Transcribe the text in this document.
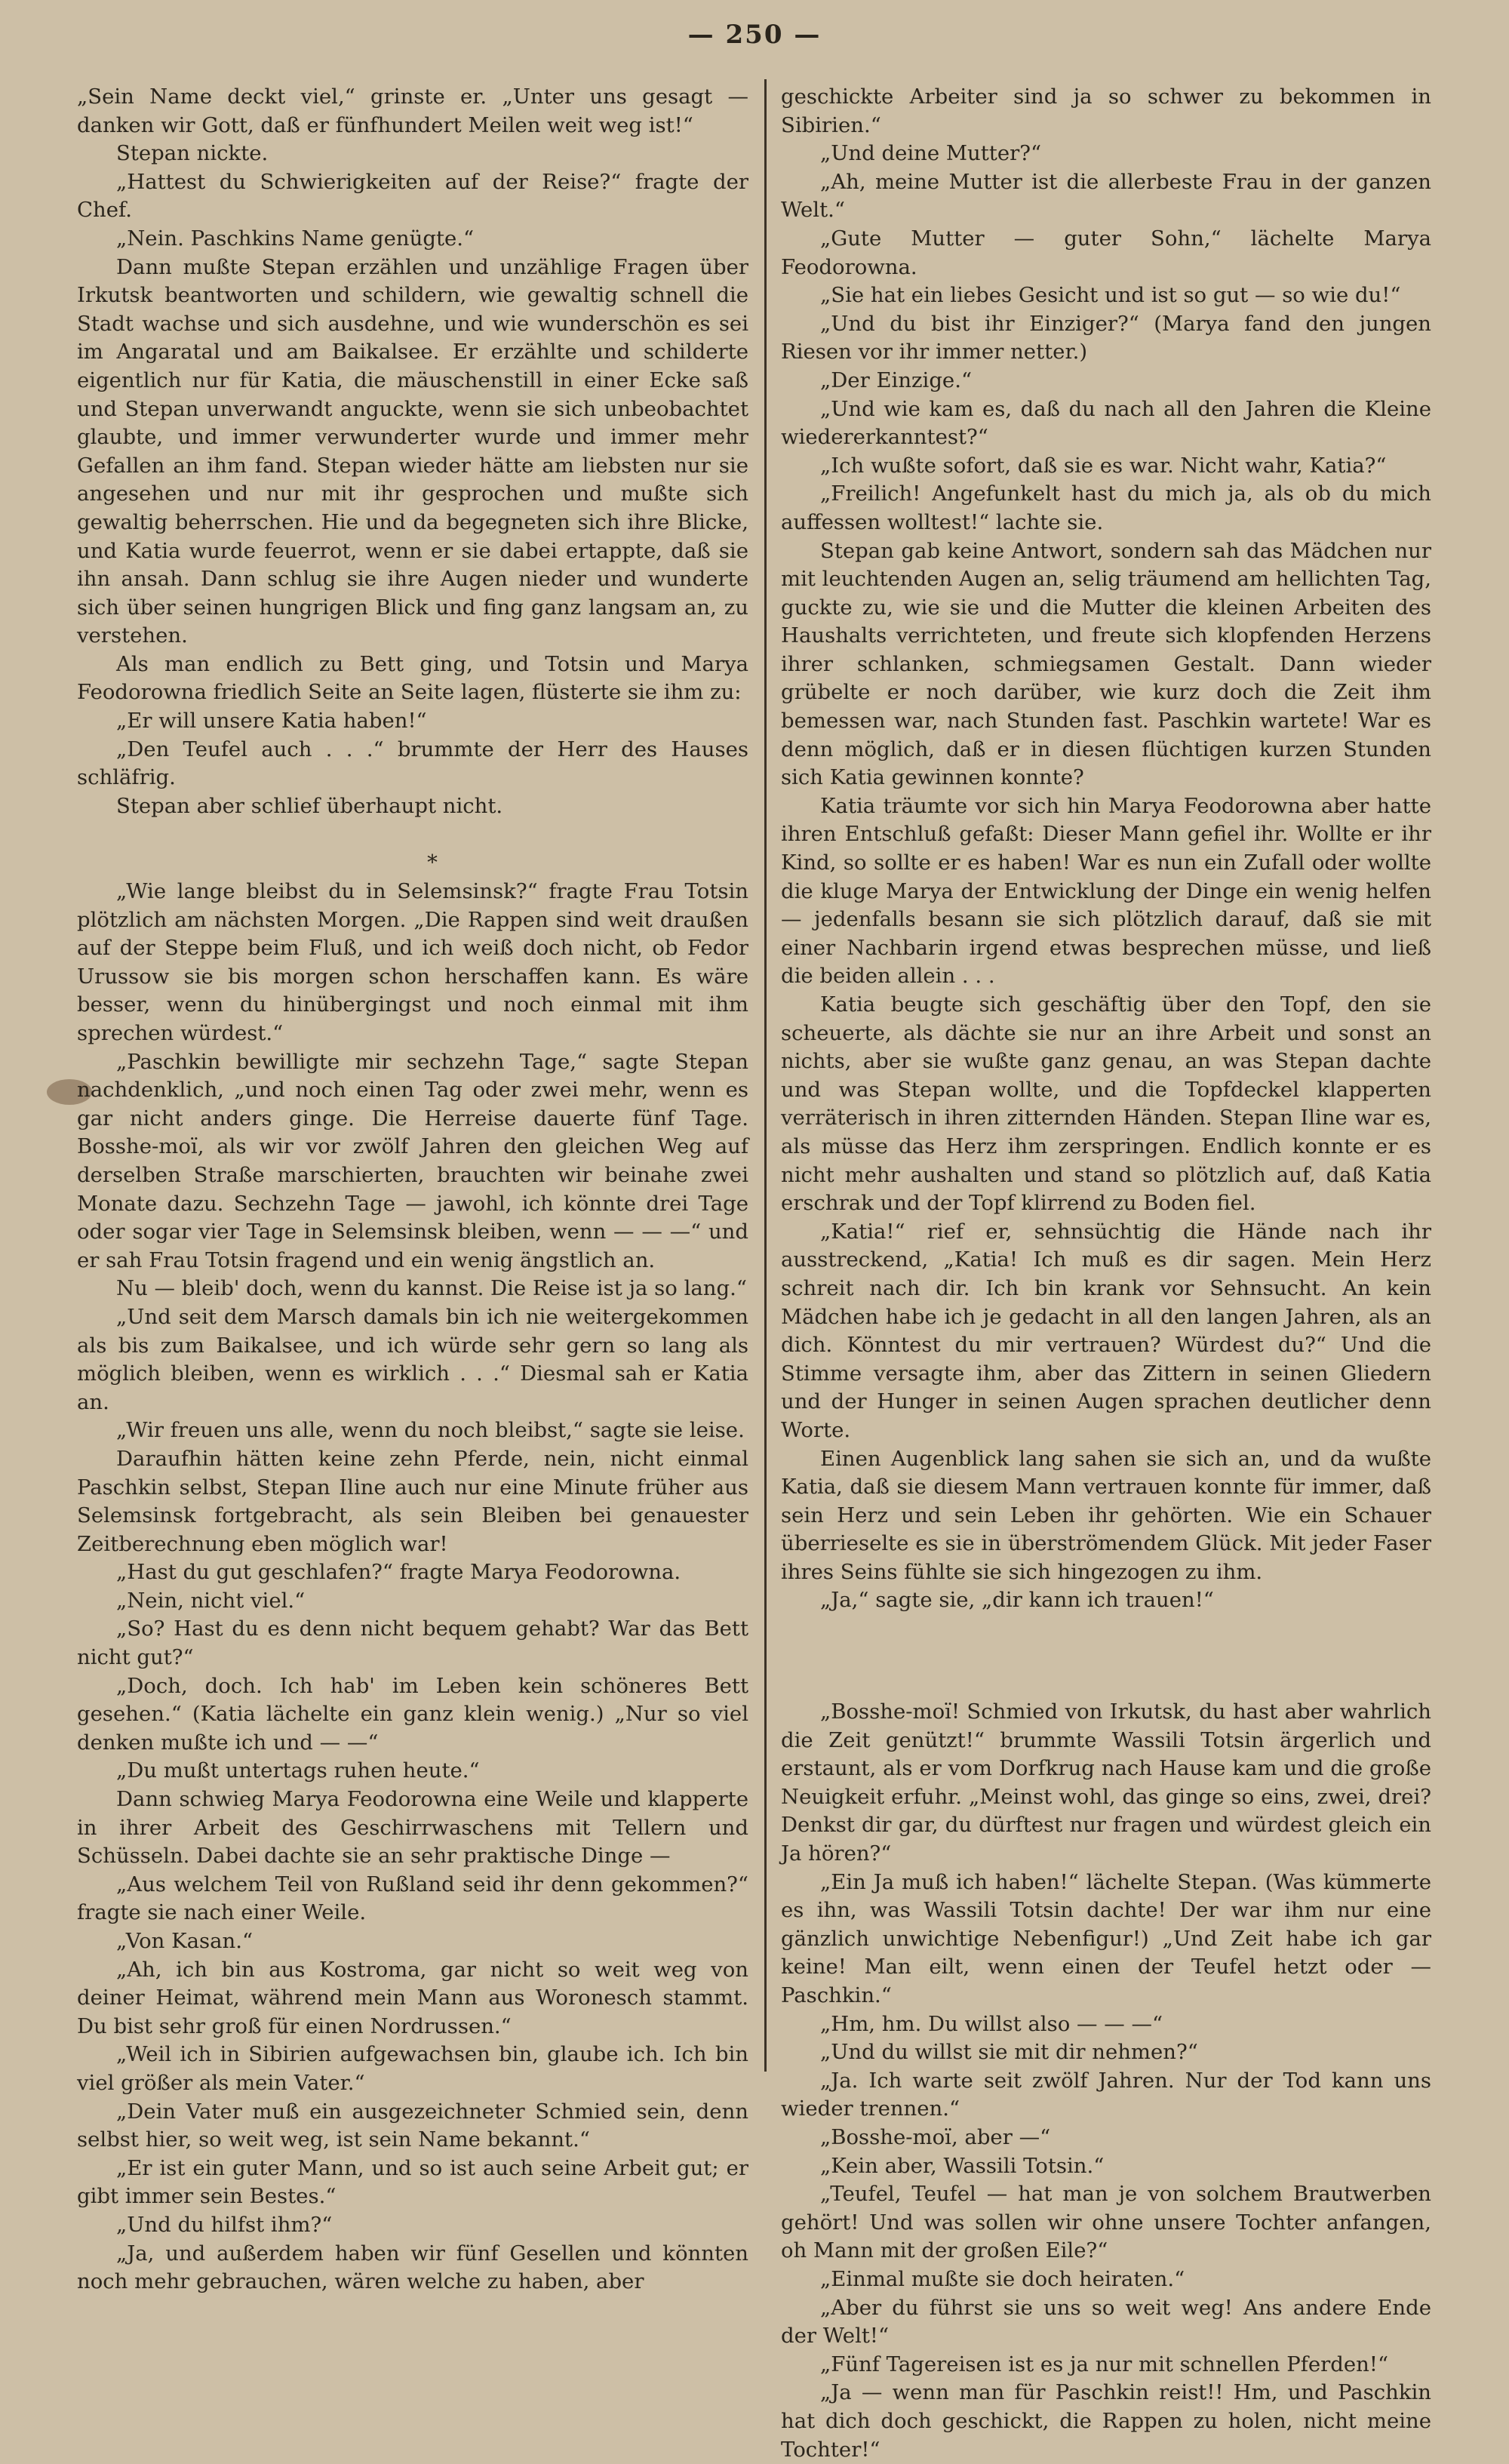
— 250 —

„Sein Name deckt viel,“ grinste er. „Unter uns gesagt — danken wir Gott, daß er fünfhundert Meilen weit weg ist!“

Stepan nickte.

„Hattest du Schwierigkeiten auf der Reise?“ fragte der Chef.

„Nein. Paschkins Name genügte.“

Dann mußte Stepan erzählen und unzählige Fragen über Irkutsk beantworten und schildern, wie gewaltig schnell die Stadt wachse und sich ausdehne, und wie wunderschön es sei im Angaratal und am Baikalsee. Er erzählte und schilderte eigentlich nur für Katia, die mäuschenstill in einer Ecke saß und Stepan unverwandt anguckte, wenn sie sich unbeobachtet glaubte, und immer verwunderter wurde und immer mehr Gefallen an ihm fand. Stepan wieder hätte am liebsten nur sie angesehen und nur mit ihr gesprochen und mußte sich gewaltig beherrschen. Hie und da begegneten sich ihre Blicke, und Katia wurde feuerrot, wenn er sie dabei ertappte, daß sie ihn ansah. Dann schlug sie ihre Augen nieder und wunderte sich über seinen hungrigen Blick und fing ganz langsam an, zu verstehen.

Als man endlich zu Bett ging, und Totsin und Marya Feodorowna friedlich Seite an Seite lagen, flüsterte sie ihm zu:

„Er will unsere Katia haben!“

„Den Teufel auch . . .“ brummte der Herr des Hauses schläfrig.

Stepan aber schlief überhaupt nicht.

*

„Wie lange bleibst du in Selemsinsk?“ fragte Frau Totsin plötzlich am nächsten Morgen. „Die Rappen sind weit draußen auf der Steppe beim Fluß, und ich weiß doch nicht, ob Fedor Urussow sie bis morgen schon herschaffen kann. Es wäre besser, wenn du hinübergingst und noch einmal mit ihm sprechen würdest.“

„Paschkin bewilligte mir sechzehn Tage,“ sagte Stepan nachdenklich, „und noch einen Tag oder zwei mehr, wenn es gar nicht anders ginge. Die Herreise dauerte fünf Tage. Bosshe-moï, als wir vor zwölf Jahren den gleichen Weg auf derselben Straße marschierten, brauchten wir beinahe zwei Monate dazu. Sechzehn Tage — jawohl, ich könnte drei Tage oder sogar vier Tage in Selemsinsk bleiben, wenn — — —“ und er sah Frau Totsin fragend und ein wenig ängstlich an.

Nu — bleib' doch, wenn du kannst. Die Reise ist ja so lang.“

„Und seit dem Marsch damals bin ich nie weitergekommen als bis zum Baikalsee, und ich würde sehr gern so lang als möglich bleiben, wenn es wirklich . . .“ Diesmal sah er Katia an.

„Wir freuen uns alle, wenn du noch bleibst,“ sagte sie leise.

Daraufhin hätten keine zehn Pferde, nein, nicht einmal Paschkin selbst, Stepan Iline auch nur eine Minute früher aus Selemsinsk fortgebracht, als sein Bleiben bei genauester Zeitberechnung eben möglich war!

„Hast du gut geschlafen?“ fragte Marya Feodorowna.

„Nein, nicht viel.“

„So? Hast du es denn nicht bequem gehabt? War das Bett nicht gut?“

„Doch, doch. Ich hab' im Leben kein schöneres Bett gesehen.“ (Katia lächelte ein ganz klein wenig.) „Nur so viel denken mußte ich und — —“

„Du mußt untertags ruhen heute.“

Dann schwieg Marya Feodorowna eine Weile und klapperte in ihrer Arbeit des Geschirrwaschens mit Tellern und Schüsseln. Dabei dachte sie an sehr praktische Dinge —

„Aus welchem Teil von Rußland seid ihr denn gekommen?“ fragte sie nach einer Weile.

„Von Kasan.“

„Ah, ich bin aus Kostroma, gar nicht so weit weg von deiner Heimat, während mein Mann aus Woronesch stammt. Du bist sehr groß für einen Nordrussen.“

„Weil ich in Sibirien aufgewachsen bin, glaube ich. Ich bin viel größer als mein Vater.“

„Dein Vater muß ein ausgezeichneter Schmied sein, denn selbst hier, so weit weg, ist sein Name bekannt.“

„Er ist ein guter Mann, und so ist auch seine Arbeit gut; er gibt immer sein Bestes.“

„Und du hilfst ihm?“

„Ja, und außerdem haben wir fünf Gesellen und könnten noch mehr gebrauchen, wären welche zu haben, aber

geschickte Arbeiter sind ja so schwer zu bekommen in Sibirien.“

„Und deine Mutter?“

„Ah, meine Mutter ist die allerbeste Frau in der ganzen Welt.“

„Gute Mutter — guter Sohn,“ lächelte Marya Feodorowna.

„Sie hat ein liebes Gesicht und ist so gut — so wie du!“

„Und du bist ihr Einziger?“ (Marya fand den jungen Riesen vor ihr immer netter.)

„Der Einzige.“

„Und wie kam es, daß du nach all den Jahren die Kleine wiedererkanntest?“

„Ich wußte sofort, daß sie es war. Nicht wahr, Katia?“

„Freilich! Angefunkelt hast du mich ja, als ob du mich auffessen wolltest!“ lachte sie.

Stepan gab keine Antwort, sondern sah das Mädchen nur mit leuchtenden Augen an, selig träumend am hellichten Tag, guckte zu, wie sie und die Mutter die kleinen Arbeiten des Haushalts verrichteten, und freute sich klopfenden Herzens ihrer schlanken, schmiegsamen Gestalt. Dann wieder grübelte er noch darüber, wie kurz doch die Zeit ihm bemessen war, nach Stunden fast. Paschkin wartete! War es denn möglich, daß er in diesen flüchtigen kurzen Stunden sich Katia gewinnen konnte?

Katia träumte vor sich hin Marya Feodorowna aber hatte ihren Entschluß gefaßt: Dieser Mann gefiel ihr. Wollte er ihr Kind, so sollte er es haben! War es nun ein Zufall oder wollte die kluge Marya der Entwicklung der Dinge ein wenig helfen — jedenfalls besann sie sich plötzlich darauf, daß sie mit einer Nachbarin irgend etwas besprechen müsse, und ließ die beiden allein . . .

Katia beugte sich geschäftig über den Topf, den sie scheuerte, als dächte sie nur an ihre Arbeit und sonst an nichts, aber sie wußte ganz genau, an was Stepan dachte und was Stepan wollte, und die Topfdeckel klapperten verräterisch in ihren zitternden Händen. Stepan Iline war es, als müsse das Herz ihm zerspringen. Endlich konnte er es nicht mehr aushalten und stand so plötzlich auf, daß Katia erschrak und der Topf klirrend zu Boden fiel.

„Katia!“ rief er, sehnsüchtig die Hände nach ihr ausstreckend, „Katia! Ich muß es dir sagen. Mein Herz schreit nach dir. Ich bin krank vor Sehnsucht. An kein Mädchen habe ich je gedacht in all den langen Jahren, als an dich. Könntest du mir vertrauen? Würdest du?“ Und die Stimme versagte ihm, aber das Zittern in seinen Gliedern und der Hunger in seinen Augen sprachen deutlicher denn Worte.

Einen Augenblick lang sahen sie sich an, und da wußte Katia, daß sie diesem Mann vertrauen konnte für immer, daß sein Herz und sein Leben ihr gehörten. Wie ein Schauer überrieselte es sie in überströmendem Glück. Mit jeder Faser ihres Seins fühlte sie sich hingezogen zu ihm.

„Ja,“ sagte sie, „dir kann ich trauen!“

„Bosshe-moï! Schmied von Irkutsk, du hast aber wahrlich die Zeit genützt!“ brummte Wassili Totsin ärgerlich und erstaunt, als er vom Dorfkrug nach Hause kam und die große Neuigkeit erfuhr. „Meinst wohl, das ginge so eins, zwei, drei? Denkst dir gar, du dürftest nur fragen und würdest gleich ein Ja hören?“

„Ein Ja muß ich haben!“ lächelte Stepan. (Was kümmerte es ihn, was Wassili Totsin dachte! Der war ihm nur eine gänzlich unwichtige Nebenfigur!) „Und Zeit habe ich gar keine! Man eilt, wenn einen der Teufel hetzt oder — Paschkin.“

„Hm, hm. Du willst also — — —“

„Und du willst sie mit dir nehmen?“

„Ja. Ich warte seit zwölf Jahren. Nur der Tod kann uns wieder trennen.“

„Bosshe-moï, aber —“

„Kein aber, Wassili Totsin.“

„Teufel, Teufel — hat man je von solchem Brautwerben gehört! Und was sollen wir ohne unsere Tochter anfangen, oh Mann mit der großen Eile?“

„Einmal mußte sie doch heiraten.“

„Aber du führst sie uns so weit weg! Ans andere Ende der Welt!“

„Fünf Tagereisen ist es ja nur mit schnellen Pferden!“

„Ja — wenn man für Paschkin reist!! Hm, und Paschkin hat dich doch geschickt, die Rappen zu holen, nicht meine Tochter!“
